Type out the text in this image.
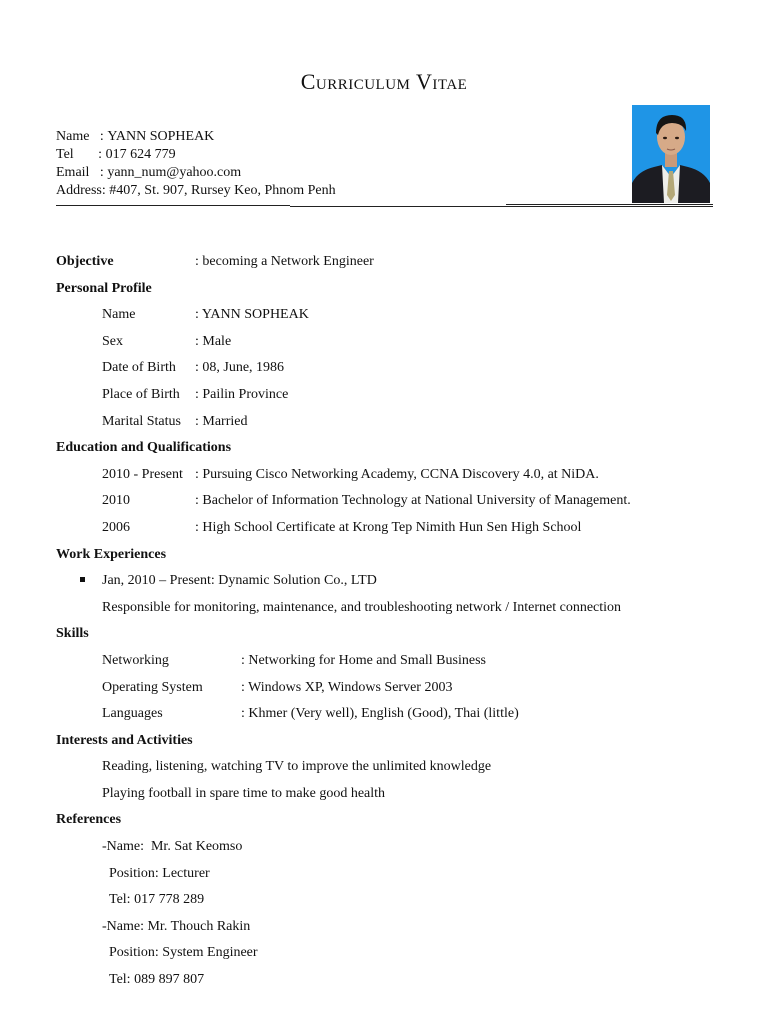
Curriculum Vitae
Name   : YANN SOPHEAK
Tel       : 017 624 779
Email   : yann_num@yahoo.com
Address: #407, St. 907, Rursey Keo, Phnom Penh
Objective	: becoming a Network Engineer
Personal Profile
Name	: YANN SOPHEAK
Sex	: Male
Date of Birth : 08, June, 1986
Place of Birth : Pailin Province
Marital Status : Married
Education and Qualifications
2010 - Present : Pursuing Cisco Networking Academy, CCNA Discovery 4.0, at NiDA.
2010	: Bachelor of Information Technology at National University of Management.
2006	: High School Certificate at Krong Tep Nimith Hun Sen High School
Work Experiences
Jan, 2010 – Present: Dynamic Solution Co., LTD
Responsible for monitoring, maintenance, and troubleshooting network / Internet connection
Skills
Networking	: Networking for Home and Small Business
Operating System	: Windows XP, Windows Server 2003
Languages	: Khmer (Very well), English (Good), Thai (little)
Interests and Activities
Reading, listening, watching TV to improve the unlimited knowledge
Playing football in spare time to make good health
References
-Name:  Mr. Sat Keomso
Position: Lecturer
Tel: 017 778 289
-Name: Mr. Thouch Rakin
Position: System Engineer
Tel: 089 897 807
